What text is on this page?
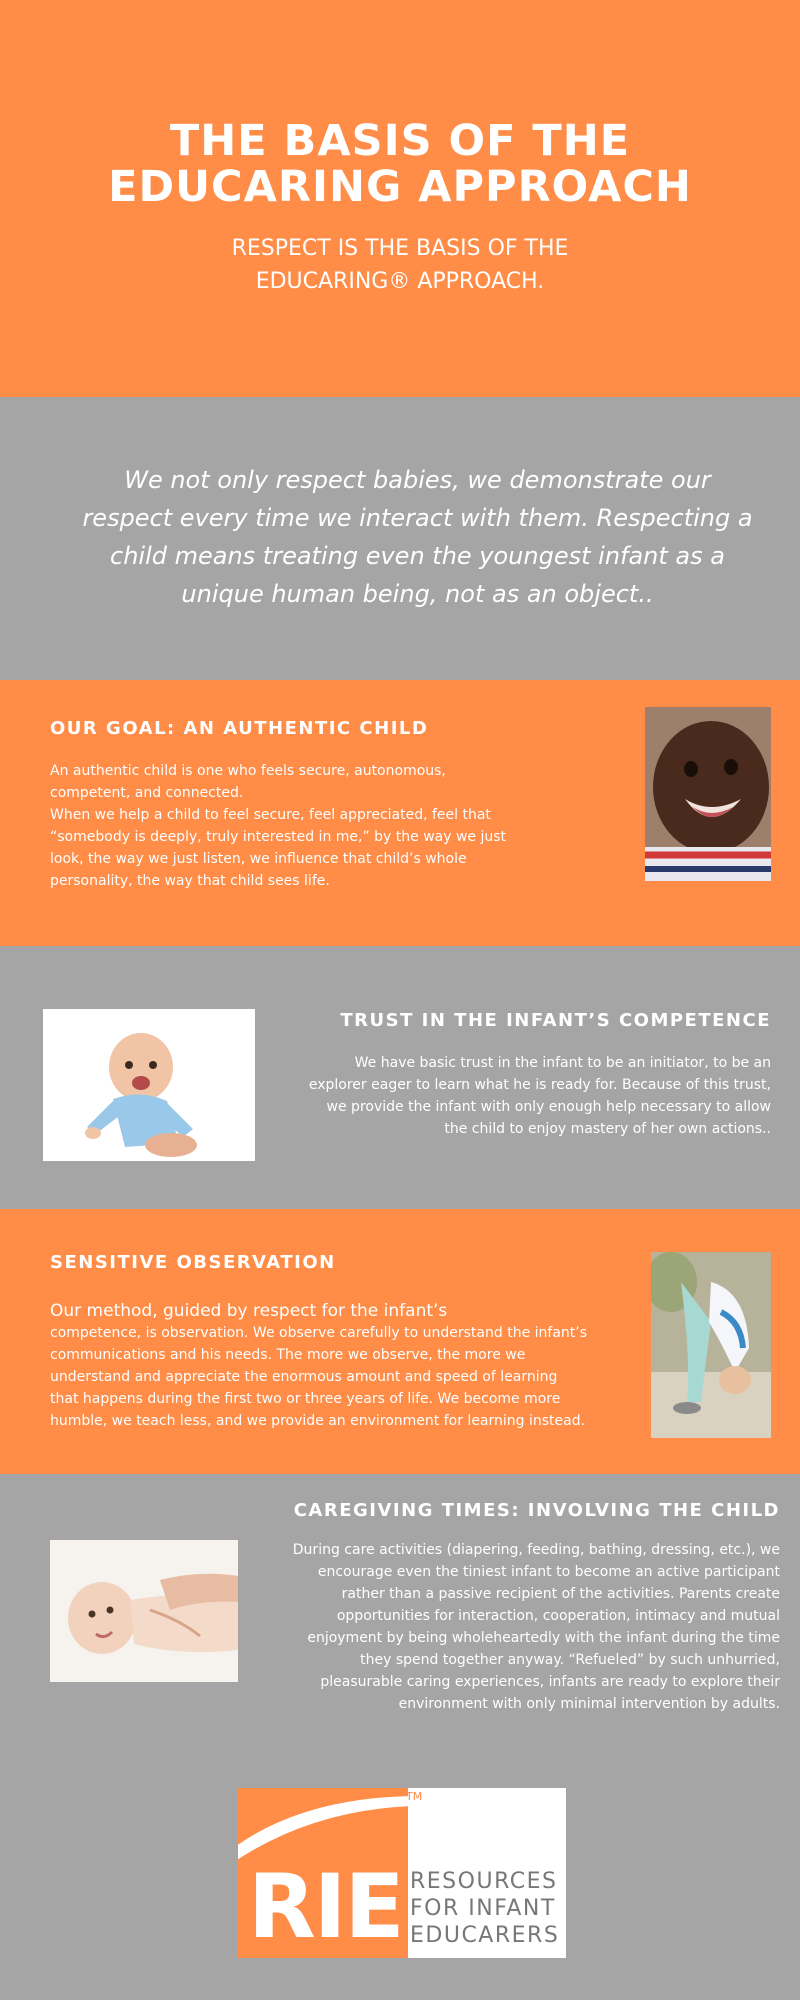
THE BASIS OF THE
EDUCARING APPROACH
RESPECT IS THE BASIS OF THE
EDUCARING® APPROACH.
We not only respect babies, we demonstrate our
respect every time we interact with them. Respecting a
child means treating even the youngest infant as a
unique human being, not as an object..
OUR GOAL: AN AUTHENTIC CHILD
An authentic child is one who feels secure, autonomous,
competent, and connected.
When we help a child to feel secure, feel appreciated, feel that
“somebody is deeply, truly interested in me,” by the way we just
look, the way we just listen, we influence that child’s whole
personality, the way that child sees life.
TRUST IN THE INFANT’S COMPETENCE
We have basic trust in the infant to be an initiator, to be an
explorer eager to learn what he is ready for. Because of this trust,
we provide the infant with only enough help necessary to allow
the child to enjoy mastery of her own actions..
SENSITIVE OBSERVATION
Our method, guided by respect for the infant’s
competence, is observation. We observe carefully to understand the infant’s
communications and his needs. The more we observe, the more we
understand and appreciate the enormous amount and speed of learning
that happens during the first two or three years of life. We become more
humble, we teach less, and we provide an environment for learning instead.
CAREGIVING TIMES: INVOLVING THE CHILD
During care activities (diapering, feeding, bathing, dressing, etc.), we
encourage even the tiniest infant to become an active participant
rather than a passive recipient of the activities. Parents create
opportunities for interaction, cooperation, intimacy and mutual
enjoyment by being wholeheartedly with the infant during the time
they spend together anyway. “Refueled” by such unhurried,
pleasurable caring experiences, infants are ready to explore their
environment with only minimal intervention by adults.
RIE
TM
RESOURCES
FOR INFANT
EDUCARERS
